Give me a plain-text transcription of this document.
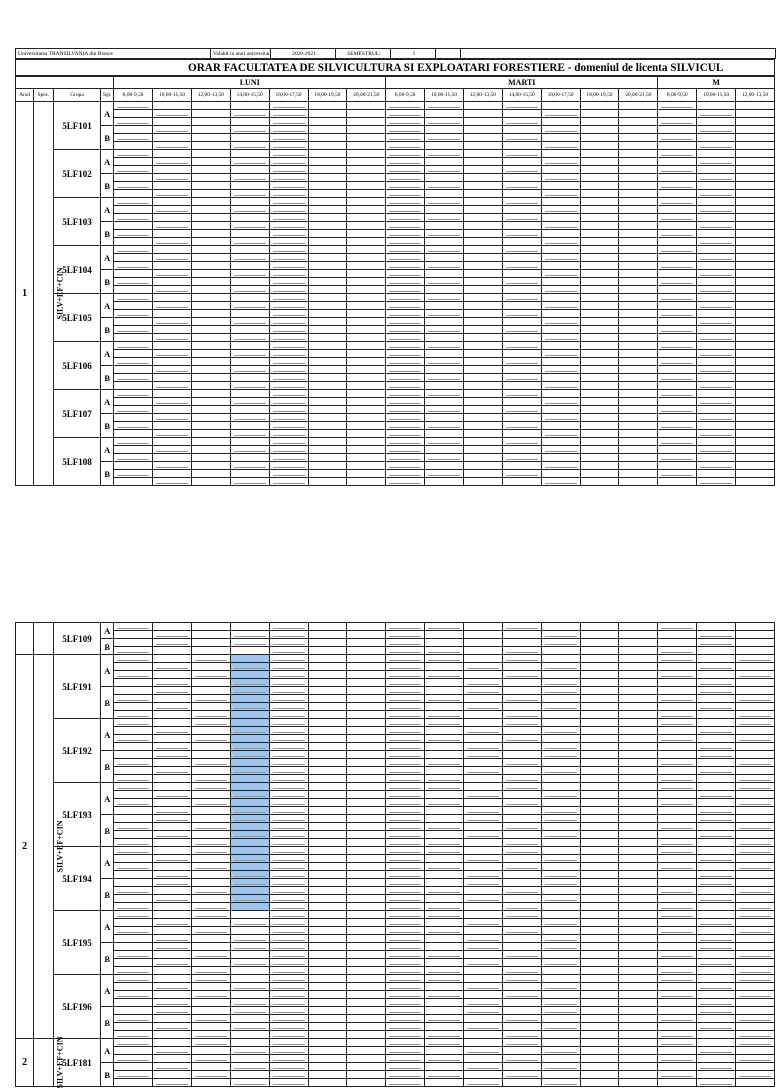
Universitatea TRANSILVANIA din Brasov	Valabil in anul universitar	2020-2021	SEMESTRUL:	I		
ORAR FACULTATEA DE SILVICULTURA SI EXPLOATARI FORESTIERE - domeniul de licenta SILVICUL
				LUNI							MARTI							M		
Anul	Spec.	Grupa	Sgr.	8,00-9,50	10,00-11,50	12,00-13,50	14,00-15,50	16,00-17,50	18,00-19,50	20,00-21,50	8,00-9,50	10,00-11,50	12,00-13,50	14,00-15,50	16,00-17,50	18,00-19,50	20,00-21,50	8,00-9,50	10,00-11,50	12,00-13,50
1	SILV+EF+CIN	5LF101	A	

			B		

		5LF102	A	

			B		

		5LF103	A	

			B		

		5LF104	A	

			B		

		5LF105	A	

			B		

		5LF106	A	

			B		

		5LF107	A	

			B		

		5LF108	A	

			B		

		5LF109	A	

			B		

2	SILV+EF+CIN	5LF191	A	

			B		

		5LF192	A	

			B		

		5LF193	A	

			B		

		5LF194	A	

			B		

		5LF195	A	

			B		

		5LF196	A	

			B		

2	SILV+EF+CIN	5LF181	A	

			B		
